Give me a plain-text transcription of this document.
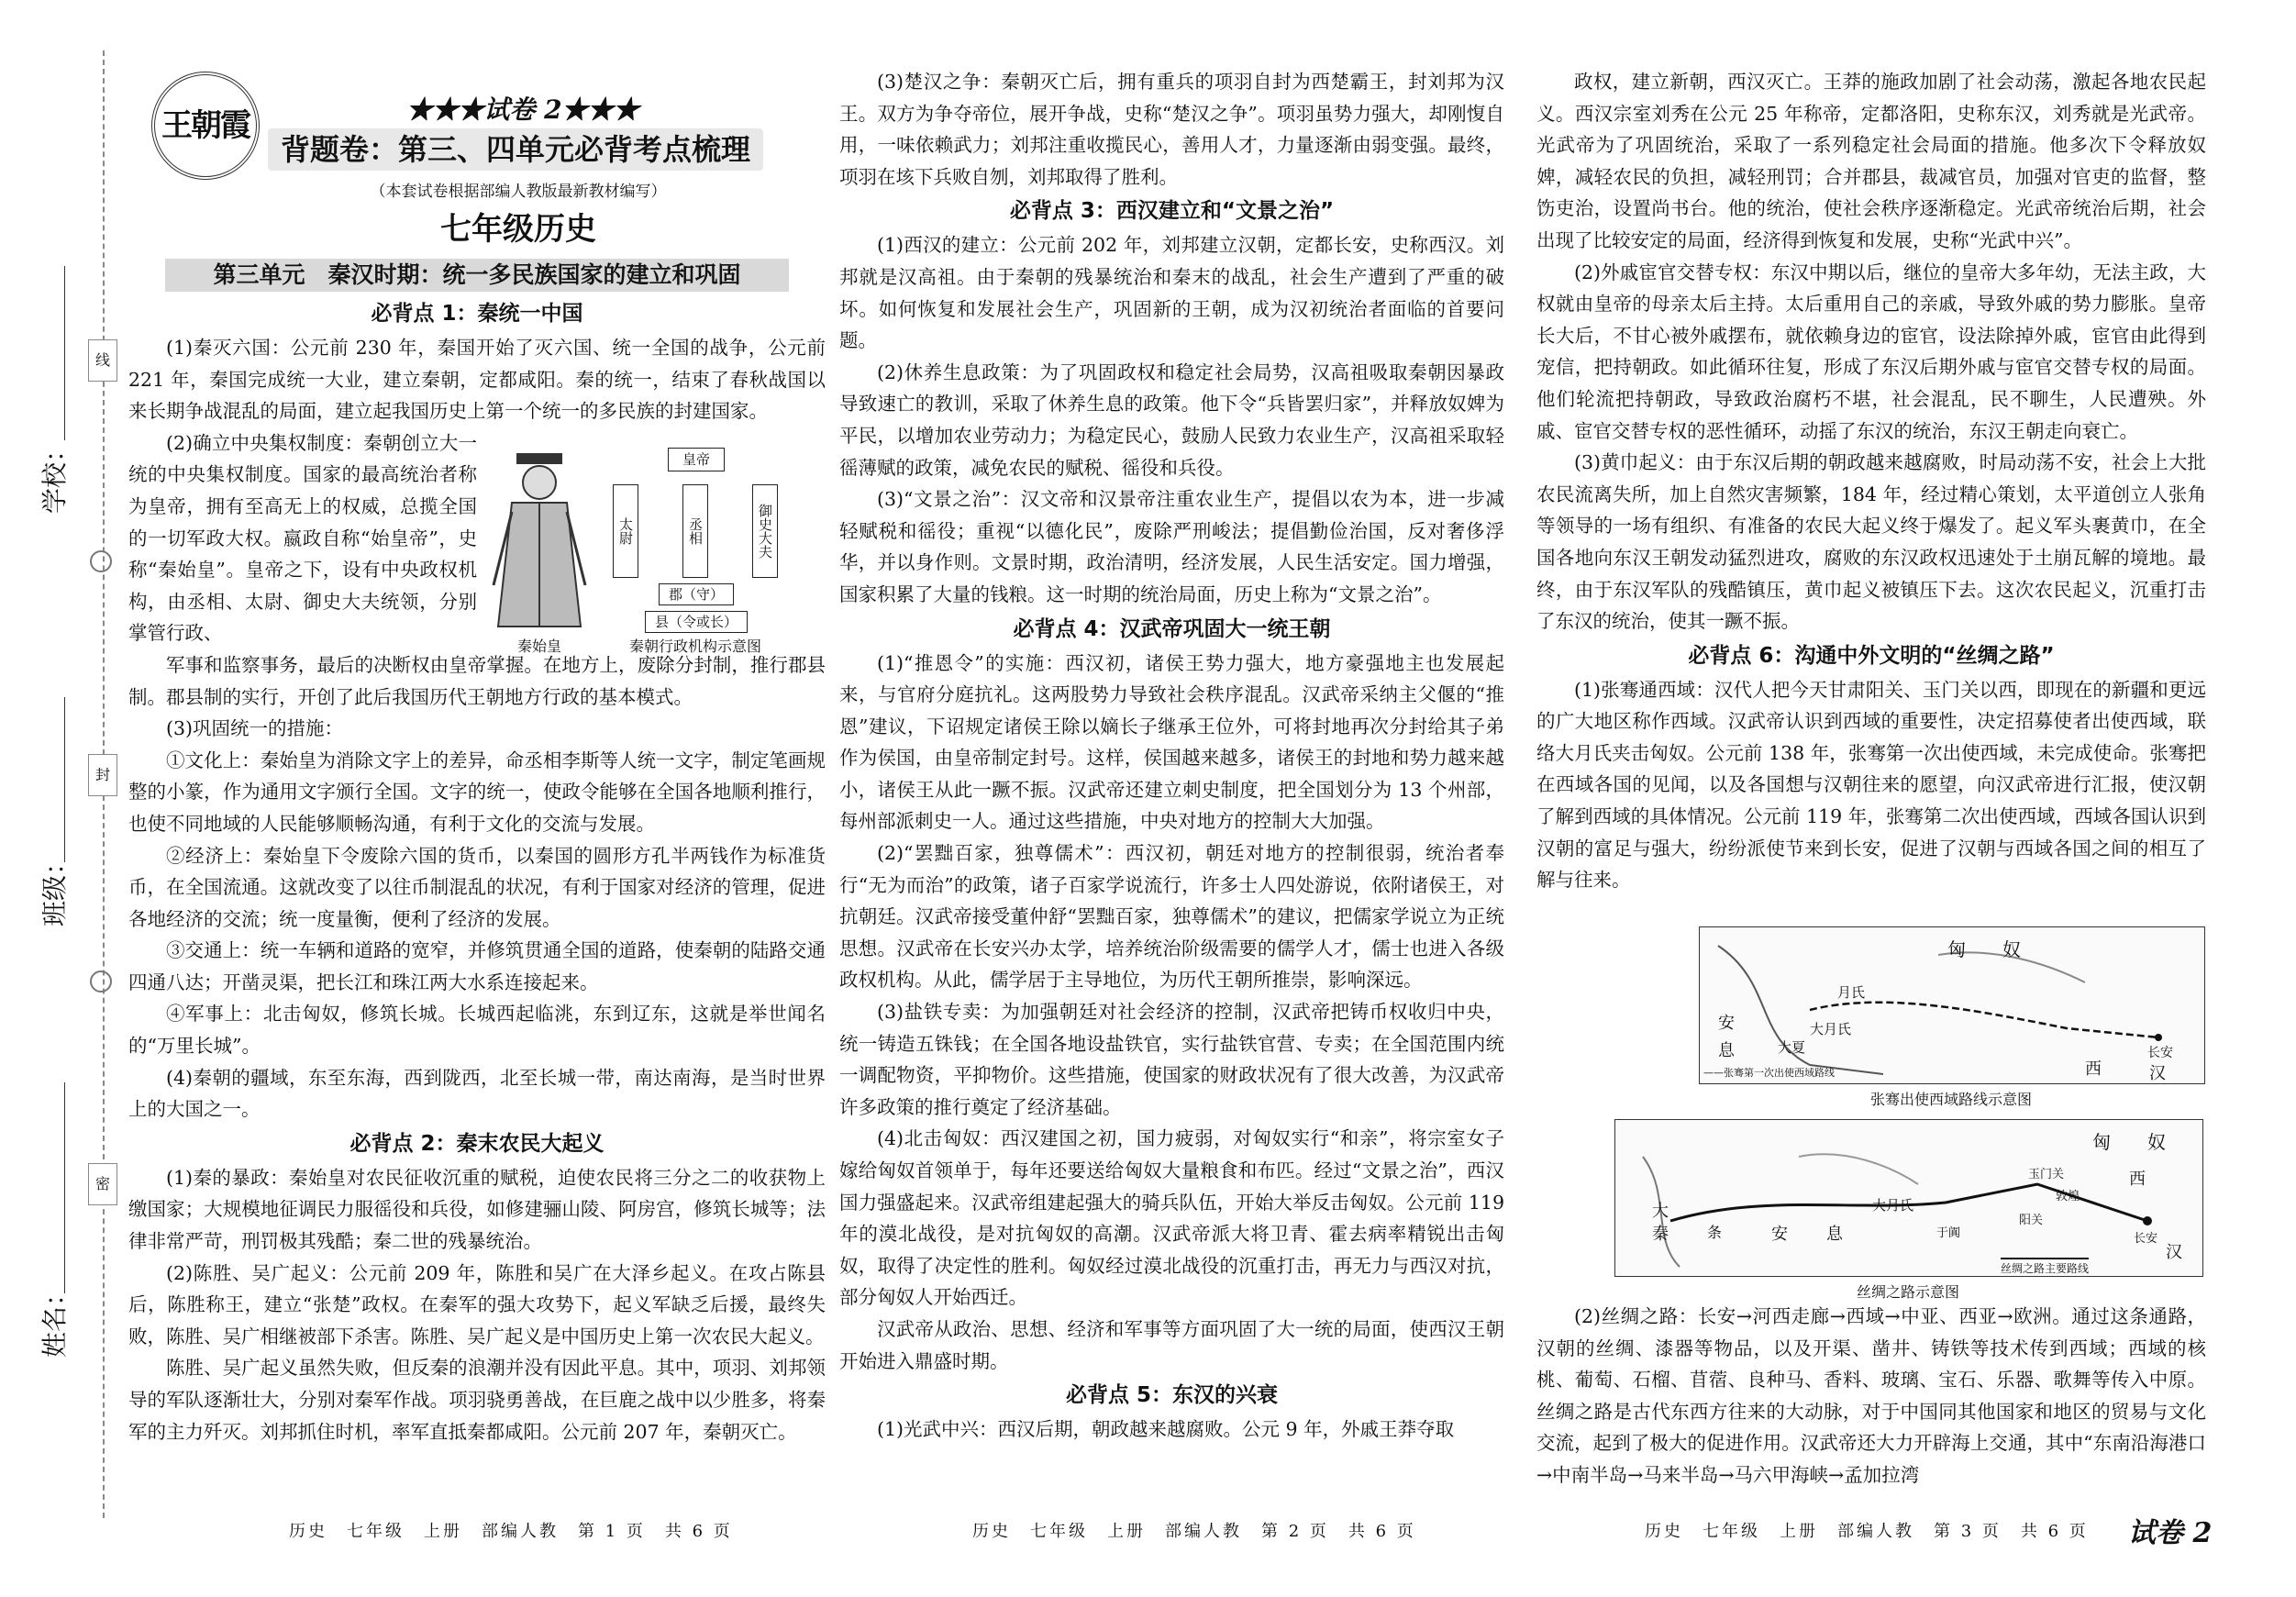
线
封
密
学校：
班级：
姓名：
王朝霞	★★★试卷 2★★★
背题卷：第三、四单元必背考点梳理
（本套试卷根据部编人教版最新教材编写）
七年级历史
第三单元　秦汉时期：统一多民族国家的建立和巩固
必背点 1：秦统一中国
(1)秦灭六国：公元前 230 年，秦国开始了灭六国、统一全国的战争，公元前 221 年，秦国完成统一大业，建立秦朝，定都咸阳。秦的统一，结束了春秋战国以来长期争战混乱的局面，建立起我国历史上第一个统一的多民族的封建国家。
(2)确立中央集权制度：秦朝创立大一统的中央集权制度。国家的最高统治者称为皇帝，拥有至高无上的权威，总揽全国的一切军政大权。嬴政自称“始皇帝”，史称“秦始皇”。皇帝之下，设有中央政权机构，由丞相、太尉、御史大夫统领，分别掌管行政、
军事和监察事务，最后的决断权由皇帝掌握。在地方上，废除分封制，推行郡县制。郡县制的实行，开创了此后我国历代王朝地方行政的基本模式。
(3)巩固统一的措施：
①文化上：秦始皇为消除文字上的差异，命丞相李斯等人统一文字，制定笔画规整的小篆，作为通用文字颁行全国。文字的统一，使政令能够在全国各地顺利推行，也使不同地域的人民能够顺畅沟通，有利于文化的交流与发展。
②经济上：秦始皇下令废除六国的货币，以秦国的圆形方孔半两钱作为标准货币，在全国流通。这就改变了以往币制混乱的状况，有利于国家对经济的管理，促进各地经济的交流；统一度量衡，便利了经济的发展。
③交通上：统一车辆和道路的宽窄，并修筑贯通全国的道路，使秦朝的陆路交通四通八达；开凿灵渠，把长江和珠江两大水系连接起来。
④军事上：北击匈奴，修筑长城。长城西起临洮，东到辽东，这就是举世闻名的“万里长城”。
(4)秦朝的疆域，东至东海，西到陇西，北至长城一带，南达南海，是当时世界上的大国之一。
必背点 2：秦末农民大起义
(1)秦的暴政：秦始皇对农民征收沉重的赋税，迫使农民将三分之二的收获物上缴国家；大规模地征调民力服徭役和兵役，如修建骊山陵、阿房宫，修筑长城等；法律非常严苛，刑罚极其残酷；秦二世的残暴统治。
(2)陈胜、吴广起义：公元前 209 年，陈胜和吴广在大泽乡起义。在攻占陈县后，陈胜称王，建立“张楚”政权。在秦军的强大攻势下，起义军缺乏后援，最终失败，陈胜、吴广相继被部下杀害。陈胜、吴广起义是中国历史上第一次农民大起义。
陈胜、吴广起义虽然失败，但反秦的浪潮并没有因此平息。其中，项羽、刘邦领导的军队逐渐壮大，分别对秦军作战。项羽骁勇善战，在巨鹿之战中以少胜多，将秦军的主力歼灭。刘邦抓住时机，率军直抵秦都咸阳。公元前 207 年，秦朝灭亡。
秦始皇
皇帝
太尉	丞相	御史大夫
郡（守）
县（令或长）
秦朝行政机构示意图
(3)楚汉之争：秦朝灭亡后，拥有重兵的项羽自封为西楚霸王，封刘邦为汉王。双方为争夺帝位，展开争战，史称“楚汉之争”。项羽虽势力强大，却刚愎自用，一味依赖武力；刘邦注重收揽民心，善用人才，力量逐渐由弱变强。最终，项羽在垓下兵败自刎，刘邦取得了胜利。
必背点 3：西汉建立和“文景之治”
(1)西汉的建立：公元前 202 年，刘邦建立汉朝，定都长安，史称西汉。刘邦就是汉高祖。由于秦朝的残暴统治和秦末的战乱，社会生产遭到了严重的破坏。如何恢复和发展社会生产，巩固新的王朝，成为汉初统治者面临的首要问题。
(2)休养生息政策：为了巩固政权和稳定社会局势，汉高祖吸取秦朝因暴政导致速亡的教训，采取了休养生息的政策。他下令“兵皆罢归家”，并释放奴婢为平民，以增加农业劳动力；为稳定民心，鼓励人民致力农业生产，汉高祖采取轻徭薄赋的政策，减免农民的赋税、徭役和兵役。
(3)“文景之治”：汉文帝和汉景帝注重农业生产，提倡以农为本，进一步减轻赋税和徭役；重视“以德化民”，废除严刑峻法；提倡勤俭治国，反对奢侈浮华，并以身作则。文景时期，政治清明，经济发展，人民生活安定。国力增强，国家积累了大量的钱粮。这一时期的统治局面，历史上称为“文景之治”。
必背点 4：汉武帝巩固大一统王朝
(1)“推恩令”的实施：西汉初，诸侯王势力强大，地方豪强地主也发展起来，与官府分庭抗礼。这两股势力导致社会秩序混乱。汉武帝采纳主父偃的“推恩”建议，下诏规定诸侯王除以嫡长子继承王位外，可将封地再次分封给其子弟作为侯国，由皇帝制定封号。这样，侯国越来越多，诸侯王的封地和势力越来越小，诸侯王从此一蹶不振。汉武帝还建立刺史制度，把全国划分为 13 个州部，每州部派刺史一人。通过这些措施，中央对地方的控制大大加强。
(2)“罢黜百家，独尊儒术”：西汉初，朝廷对地方的控制很弱，统治者奉行“无为而治”的政策，诸子百家学说流行，许多士人四处游说，依附诸侯王，对抗朝廷。汉武帝接受董仲舒“罢黜百家，独尊儒术”的建议，把儒家学说立为正统思想。汉武帝在长安兴办太学，培养统治阶级需要的儒学人才，儒士也进入各级政权机构。从此，儒学居于主导地位，为历代王朝所推崇，影响深远。
(3)盐铁专卖：为加强朝廷对社会经济的控制，汉武帝把铸币权收归中央，统一铸造五铢钱；在全国各地设盐铁官，实行盐铁官营、专卖；在全国范围内统一调配物资，平抑物价。这些措施，使国家的财政状况有了很大改善，为汉武帝许多政策的推行奠定了经济基础。
(4)北击匈奴：西汉建国之初，国力疲弱，对匈奴实行“和亲”，将宗室女子嫁给匈奴首领单于，每年还要送给匈奴大量粮食和布匹。经过“文景之治”，西汉国力强盛起来。汉武帝组建起强大的骑兵队伍，开始大举反击匈奴。公元前 119 年的漠北战役，是对抗匈奴的高潮。汉武帝派大将卫青、霍去病率精锐出击匈奴，取得了决定性的胜利。匈奴经过漠北战役的沉重打击，再无力与西汉对抗，部分匈奴人开始西迁。
汉武帝从政治、思想、经济和军事等方面巩固了大一统的局面，使西汉王朝开始进入鼎盛时期。
必背点 5：东汉的兴衰
(1)光武中兴：西汉后期，朝政越来越腐败。公元 9 年，外戚王莽夺取
政权，建立新朝，西汉灭亡。王莽的施政加剧了社会动荡，激起各地农民起义。西汉宗室刘秀在公元 25 年称帝，定都洛阳，史称东汉，刘秀就是光武帝。光武帝为了巩固统治，采取了一系列稳定社会局面的措施。他多次下令释放奴婢，减轻农民的负担，减轻刑罚；合并郡县，裁减官员，加强对官吏的监督，整饬吏治，设置尚书台。他的统治，使社会秩序逐渐稳定。光武帝统治后期，社会出现了比较安定的局面，经济得到恢复和发展，史称“光武中兴”。
(2)外戚宦官交替专权：东汉中期以后，继位的皇帝大多年幼，无法主政，大权就由皇帝的母亲太后主持。太后重用自己的亲戚，导致外戚的势力膨胀。皇帝长大后，不甘心被外戚摆布，就依赖身边的宦官，设法除掉外戚，宦官由此得到宠信，把持朝政。如此循环往复，形成了东汉后期外戚与宦官交替专权的局面。他们轮流把持朝政，导致政治腐朽不堪，社会混乱，民不聊生，人民遭殃。外戚、宦官交替专权的恶性循环，动摇了东汉的统治，东汉王朝走向衰亡。
(3)黄巾起义：由于东汉后期的朝政越来越腐败，时局动荡不安，社会上大批农民流离失所，加上自然灾害频繁，184 年，经过精心策划，太平道创立人张角等领导的一场有组织、有准备的农民大起义终于爆发了。起义军头裹黄巾，在全国各地向东汉王朝发动猛烈进攻，腐败的东汉政权迅速处于土崩瓦解的境地。最终，由于东汉军队的残酷镇压，黄巾起义被镇压下去。这次农民起义，沉重打击了东汉的统治，使其一蹶不振。
必背点 6：沟通中外文明的“丝绸之路”
(1)张骞通西域：汉代人把今天甘肃阳关、玉门关以西，即现在的新疆和更远的广大地区称作西域。汉武帝认识到西域的重要性，决定招募使者出使西域，联络大月氏夹击匈奴。公元前 138 年，张骞第一次出使西域，未完成使命。张骞把在西域各国的见闻，以及各国想与汉朝往来的愿望，向汉武帝进行汇报，使汉朝了解到西域的具体情况。公元前 119 年，张骞第二次出使西域，西域各国认识到汉朝的富足与强大，纷纷派使节来到长安，促进了汉朝与西域各国之间的相互了解与往来。
匈 奴
月氏
大月氏
安
息	大夏	长安
西	汉
——张骞第一次出使西域路线
张骞出使西域路线示意图
匈 奴
大
秦	条	安 息
大月氏
玉门关
阳关
西
汉
长安
敦煌
于阗
丝绸之路主要路线
丝绸之路示意图
(2)丝绸之路：长安→河西走廊→西域→中亚、西亚→欧洲。通过这条通路，汉朝的丝绸、漆器等物品，以及开渠、凿井、铸铁等技术传到西域；西域的核桃、葡萄、石榴、苜蓿、良种马、香料、玻璃、宝石、乐器、歌舞等传入中原。丝绸之路是古代东西方往来的大动脉，对于中国同其他国家和地区的贸易与文化交流，起到了极大的促进作用。汉武帝还大力开辟海上交通，其中“东南沿海港口→中南半岛→马来半岛→马六甲海峡→孟加拉湾
历史　七年级　上册　部编人教　第 1 页　共 6 页	历史　七年级　上册　部编人教　第 2 页　共 6 页	历史　七年级　上册　部编人教　第 3 页　共 6 页 试卷 2
